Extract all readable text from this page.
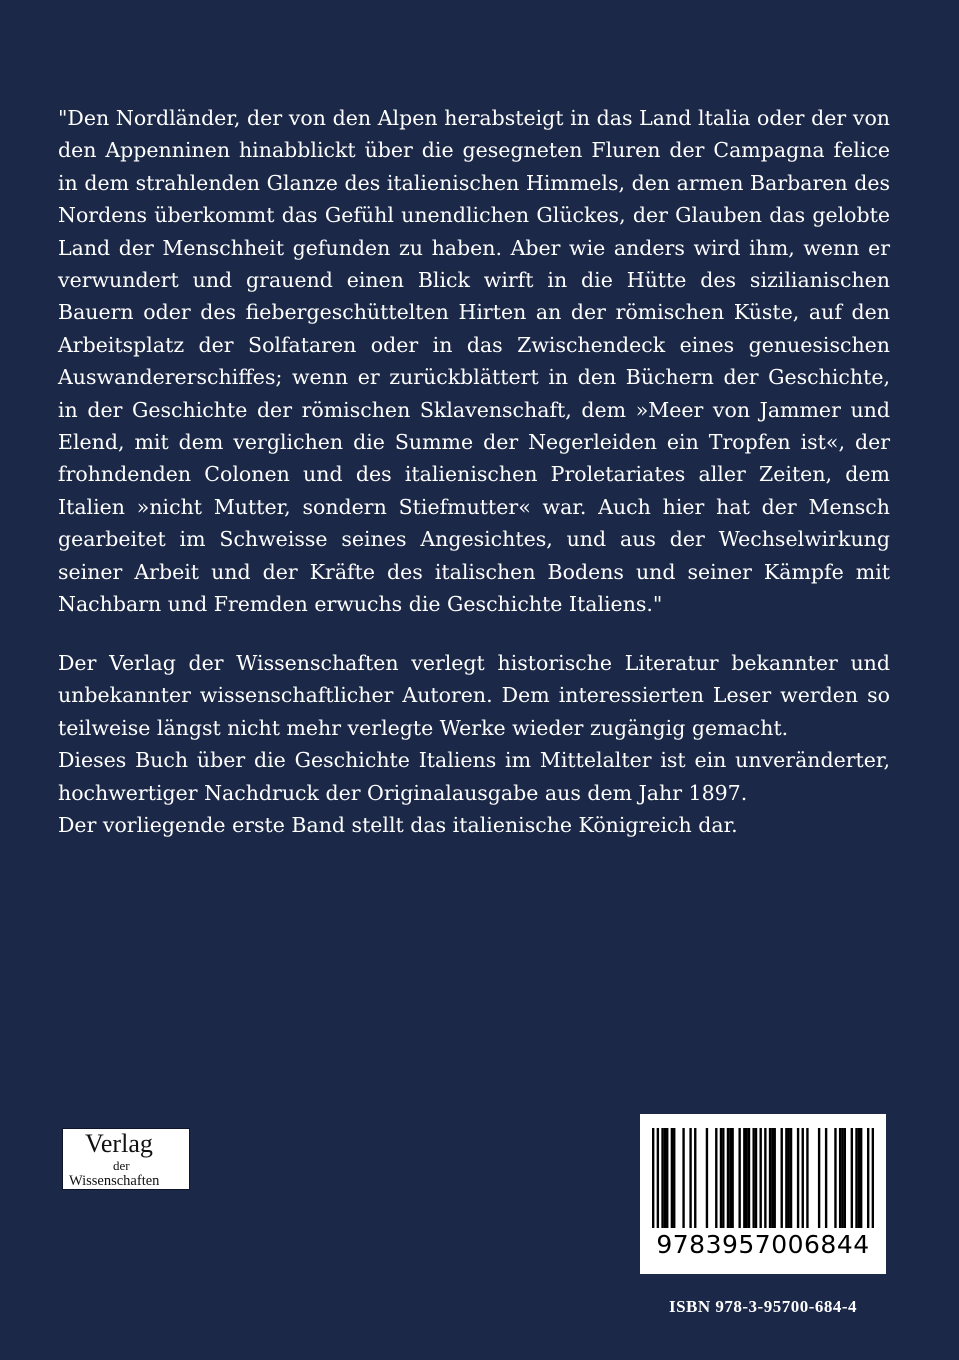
"Den Nordländer, der von den Alpen herabsteigt in das Land ltalia oder der von den Appenninen hinabblickt über die gesegneten Fluren der Campagna felice in dem strahlenden Glanze des italienischen Himmels, den armen Barbaren des Nordens überkommt das Gefühl unendlichen Glückes, der Glauben das gelobte Land der Menschheit gefunden zu haben. Aber wie anders wird ihm, wenn er verwundert und grauend einen Blick wirft in die Hütte des sizilianischen Bauern oder des fiebergeschüttelten Hirten an der römischen Küste, auf den Arbeitsplatz der Solfataren oder in das Zwischendeck eines genuesischen Auswandererschiffes; wenn er zurückblättert in den Büchern der Geschichte, in der Geschichte der römischen Sklavenschaft, dem »Meer von Jammer und Elend, mit dem verglichen die Summe der Negerleiden ein Tropfen ist«, der frohndenden Colonen und des italienischen Proletariates aller Zeiten, dem Italien »nicht Mutter, sondern Stiefmutter« war. Auch hier hat der Mensch gearbeitet im Schweisse seines Angesichtes, und aus der Wechselwirkung seiner Arbeit und der Kräfte des italischen Bodens und seiner Kämpfe mit Nachbarn und Fremden erwuchs die Geschichte Italiens."

Der Verlag der Wissenschaften verlegt historische Literatur bekannter und unbekannter wissenschaftlicher Autoren. Dem interessierten Leser werden so teilweise längst nicht mehr verlegte Werke wieder zugängig gemacht.

Dieses Buch über die Geschichte Italiens im Mittelalter ist ein unveränderter, hochwertiger Nachdruck der Originalausgabe aus dem Jahr 1897.

Der vorliegende erste Band stellt das italienische Königreich dar.

Verlag
der
Wissenschaften
9783957006844
ISBN 978-3-95700-684-4
